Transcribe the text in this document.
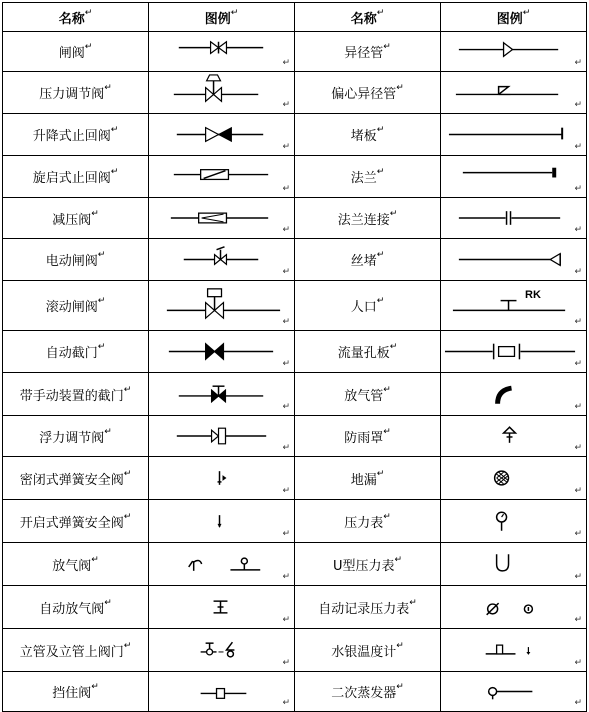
名称↵	图例↵	名称↵	图例↵
闸阀↵	↵	异径管↵	↵

压力调节阀↵	↵	偏心异径管↵	↵

升降式止回阀↵	↵	堵板↵	↵

旋启式止回阀↵	↵	法兰↵	↵

减压阀↵	↵	法兰连接↵	↵

电动闸阀↵	↵	丝堵↵	↵

滚动闸阀↵	↵	人口↵	RK
↵

自动截门↵	↵	流量孔板↵	↵

带手动装置的截门↵	↵	放气管↵	↵

浮力调节阀↵	↵	防雨罩↵	↵

密闭式弹簧安全阀↵	↵	地漏↵	↵

开启式弹簧安全阀↵	↵	压力表↵	↵

放气阀↵	↵	U型压力表↵	↵

自动放气阀↵	↵	自动记录压力表↵	↵

立管及立管上阀门↵	↵	水银温度计↵	↵

挡住阀↵	↵	二次蒸发器↵	↵
